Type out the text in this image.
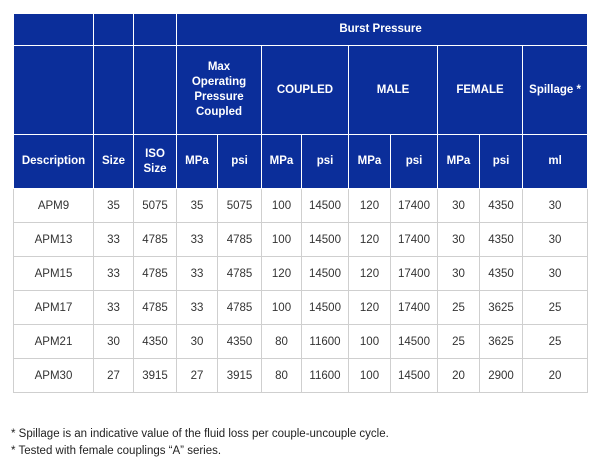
			Burst Pressure								
			Max Operating Pressure Coupled		COUPLED		MALE		FEMALE		Spillage *
Description	Size	ISO Size	MPa	psi	MPa	psi	MPa	psi	MPa	psi	ml
APM9	35	5075	35	5075	100	14500	120	17400	30	4350	30
APM13	33	4785	33	4785	100	14500	120	17400	30	4350	30
APM15	33	4785	33	4785	120	14500	120	17400	30	4350	30
APM17	33	4785	33	4785	100	14500	120	17400	25	3625	25
APM21	30	4350	30	4350	80	11600	100	14500	25	3625	25
APM30	27	3915	27	3915	80	11600	100	14500	20	2900	20

* Spillage is an indicative value of the fluid loss per couple-uncouple cycle.

* Tested with female couplings “A” series.
